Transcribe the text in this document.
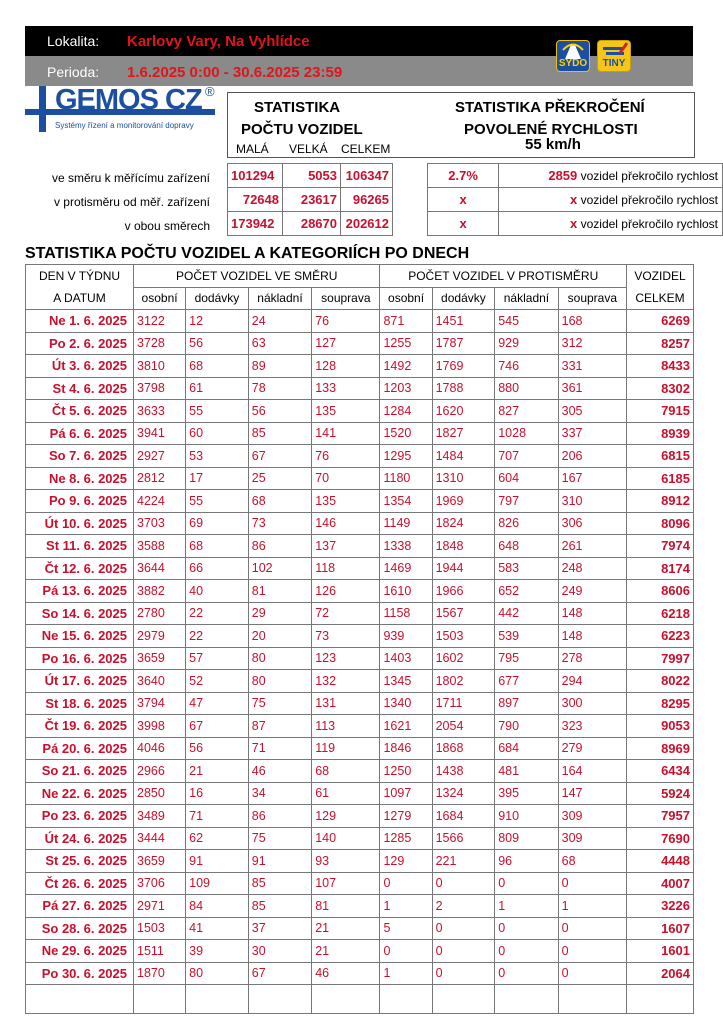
Lokalita: Karlovy Vary, Na Vyhlídce
Perioda: 1.6.2025 0:00 - 30.6.2025 23:59
SYDO	TINY
GEMOS CZ ®
Systémy řízení a monitorování dopravy
STATISTIKA
POČTU VOZIDEL
MALÁ VELKÁ CELKEM
STATISTIKA PŘEKROČENÍ
POVOLENÉ RYCHLOSTI
55 km/h
ve směru k měřícímu zařízení
v protisměru od měř. zařízení
v obou směrech
101294	5053	106347
72648	23617	96265
173942	28670	202612
2.7%	2859 vozidel překročilo rychlost
x	x vozidel překročilo rychlost
x	x vozidel překročilo rychlost
STATISTIKA POČTU VOZIDEL A KATEGORIÍCH PO DNECH
DEN V TÝDNU	POČET VOZIDEL VE SMĚRU				POČET VOZIDEL V PROTISMĚRU				VOZIDEL
A DATUM	osobní	dodávky	nákladní	souprava	osobní	dodávky	nákladní	souprava	CELKEM
Ne 1. 6. 2025	3122	12	24	76	871	1451	545	168	6269
Po 2. 6. 2025	3728	56	63	127	1255	1787	929	312	8257
Út 3. 6. 2025	3810	68	89	128	1492	1769	746	331	8433
St 4. 6. 2025	3798	61	78	133	1203	1788	880	361	8302
Čt 5. 6. 2025	3633	55	56	135	1284	1620	827	305	7915
Pá 6. 6. 2025	3941	60	85	141	1520	1827	1028	337	8939
So 7. 6. 2025	2927	53	67	76	1295	1484	707	206	6815
Ne 8. 6. 2025	2812	17	25	70	1180	1310	604	167	6185
Po 9. 6. 2025	4224	55	68	135	1354	1969	797	310	8912
Út 10. 6. 2025	3703	69	73	146	1149	1824	826	306	8096
St 11. 6. 2025	3588	68	86	137	1338	1848	648	261	7974
Čt 12. 6. 2025	3644	66	102	118	1469	1944	583	248	8174
Pá 13. 6. 2025	3882	40	81	126	1610	1966	652	249	8606
So 14. 6. 2025	2780	22	29	72	1158	1567	442	148	6218
Ne 15. 6. 2025	2979	22	20	73	939	1503	539	148	6223
Po 16. 6. 2025	3659	57	80	123	1403	1602	795	278	7997
Út 17. 6. 2025	3640	52	80	132	1345	1802	677	294	8022
St 18. 6. 2025	3794	47	75	131	1340	1711	897	300	8295
Čt 19. 6. 2025	3998	67	87	113	1621	2054	790	323	9053
Pá 20. 6. 2025	4046	56	71	119	1846	1868	684	279	8969
So 21. 6. 2025	2966	21	46	68	1250	1438	481	164	6434
Ne 22. 6. 2025	2850	16	34	61	1097	1324	395	147	5924
Po 23. 6. 2025	3489	71	86	129	1279	1684	910	309	7957
Út 24. 6. 2025	3444	62	75	140	1285	1566	809	309	7690
St 25. 6. 2025	3659	91	91	93	129	221	96	68	4448
Čt 26. 6. 2025	3706	109	85	107	0	0	0	0	4007
Pá 27. 6. 2025	2971	84	85	81	1	2	1	1	3226
So 28. 6. 2025	1503	41	37	21	5	0	0	0	1607
Ne 29. 6. 2025	1511	39	30	21	0	0	0	0	1601
Po 30. 6. 2025	1870	80	67	46	1	0	0	0	2064
